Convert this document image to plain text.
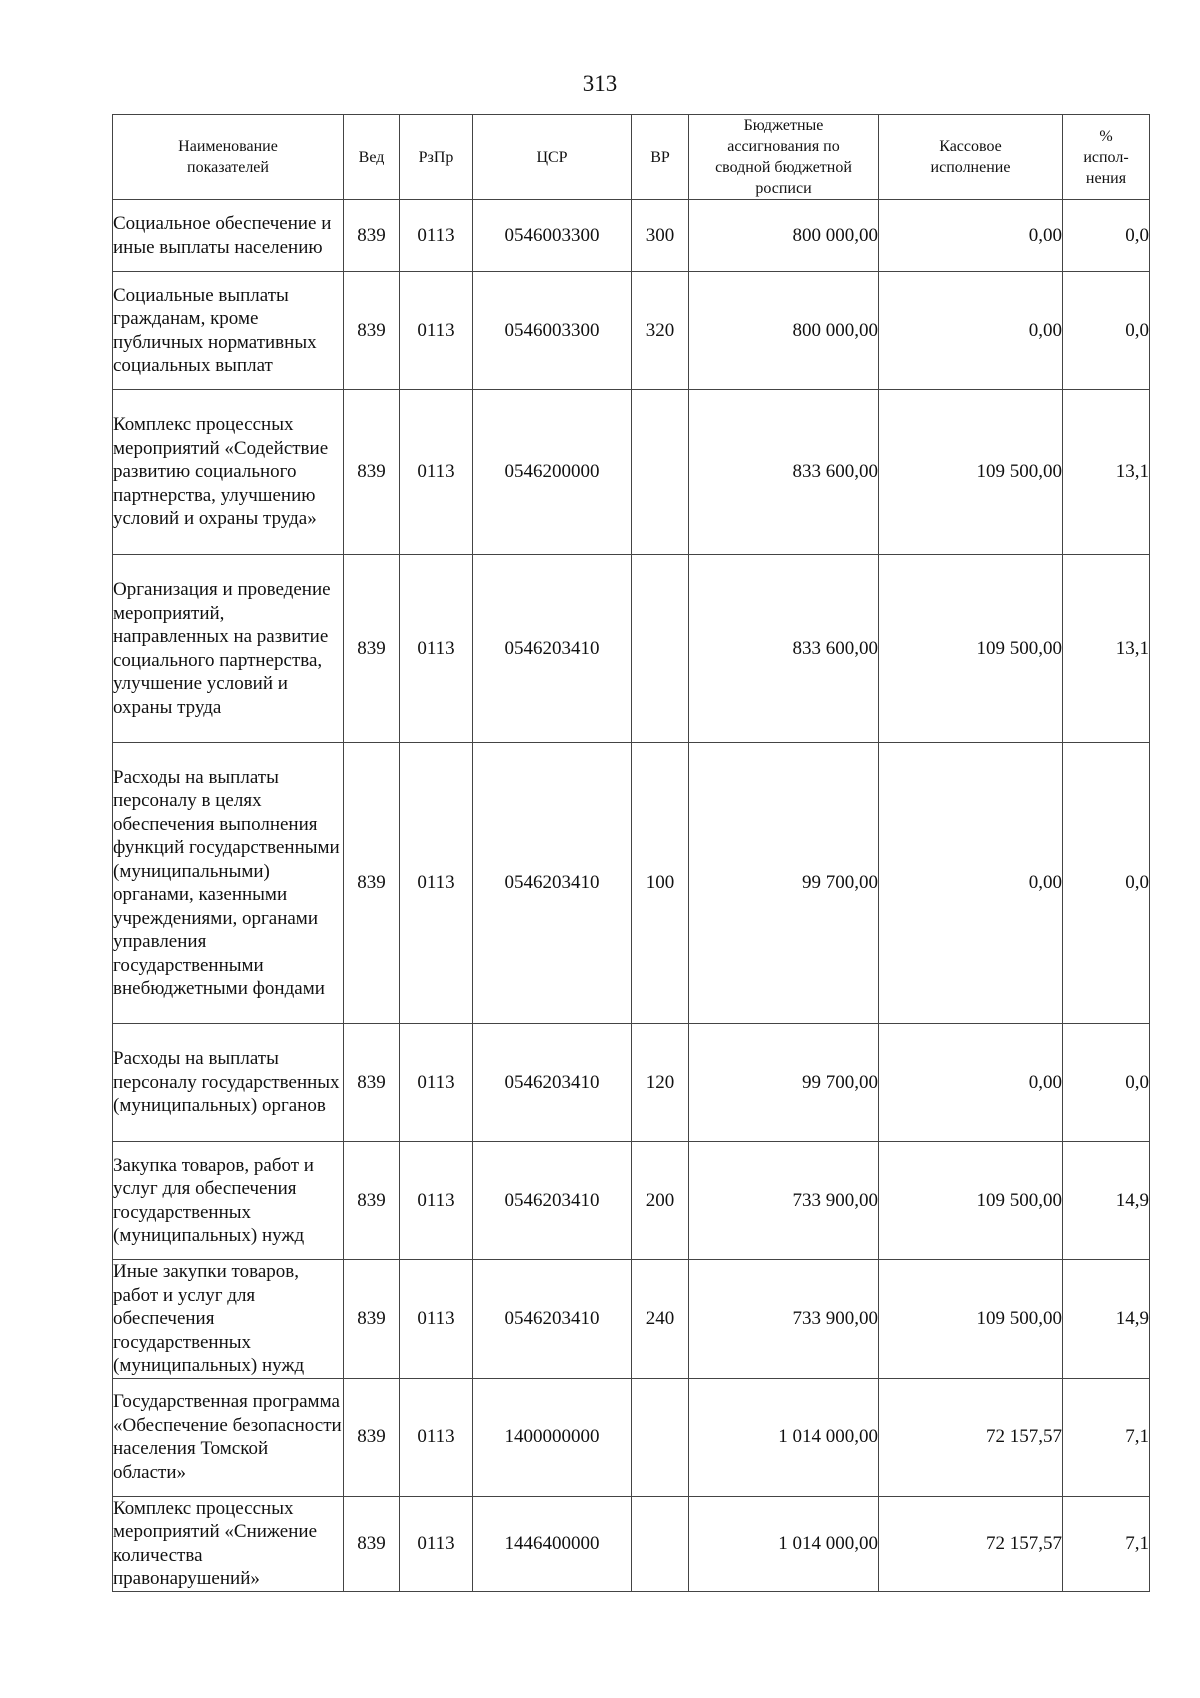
313
Наименование показателей	Вед	РзПр	ЦСР	ВР	Бюджетные ассигнования по сводной бюджетной росписи	Кассовое исполнение	% испол- нения
Социальное обеспечение и иные выплаты населению	839	0113	0546003300	300	800 000,00	0,00	0,0
Социальные выплаты гражданам, кроме публичных нормативных социальных выплат	839	0113	0546003300	320	800 000,00	0,00	0,0
Комплекс процессных мероприятий «Содействие развитию социального партнерства, улучшению условий и охраны труда»	839	0113	0546200000		833 600,00	109 500,00	13,1
Организация и проведение мероприятий, направленных на развитие социального партнерства, улучшение условий и охраны труда	839	0113	0546203410		833 600,00	109 500,00	13,1
Расходы на выплаты персоналу в целях обеспечения выполнения функций государственными (муниципальными) органами, казенными учреждениями, органами управления государственными внебюджетными фондами	839	0113	0546203410	100	99 700,00	0,00	0,0
Расходы на выплаты персоналу государственных (муниципальных) органов	839	0113	0546203410	120	99 700,00	0,00	0,0
Закупка товаров, работ и услуг для обеспечения государственных (муниципальных) нужд	839	0113	0546203410	200	733 900,00	109 500,00	14,9
Иные закупки товаров, работ и услуг для обеспечения государственных (муниципальных) нужд	839	0113	0546203410	240	733 900,00	109 500,00	14,9
Государственная программа «Обеспечение безопасности населения Томской области»	839	0113	1400000000		1 014 000,00	72 157,57	7,1
Комплекс процессных мероприятий «Снижение количества правонарушений»	839	0113	1446400000		1 014 000,00	72 157,57	7,1
